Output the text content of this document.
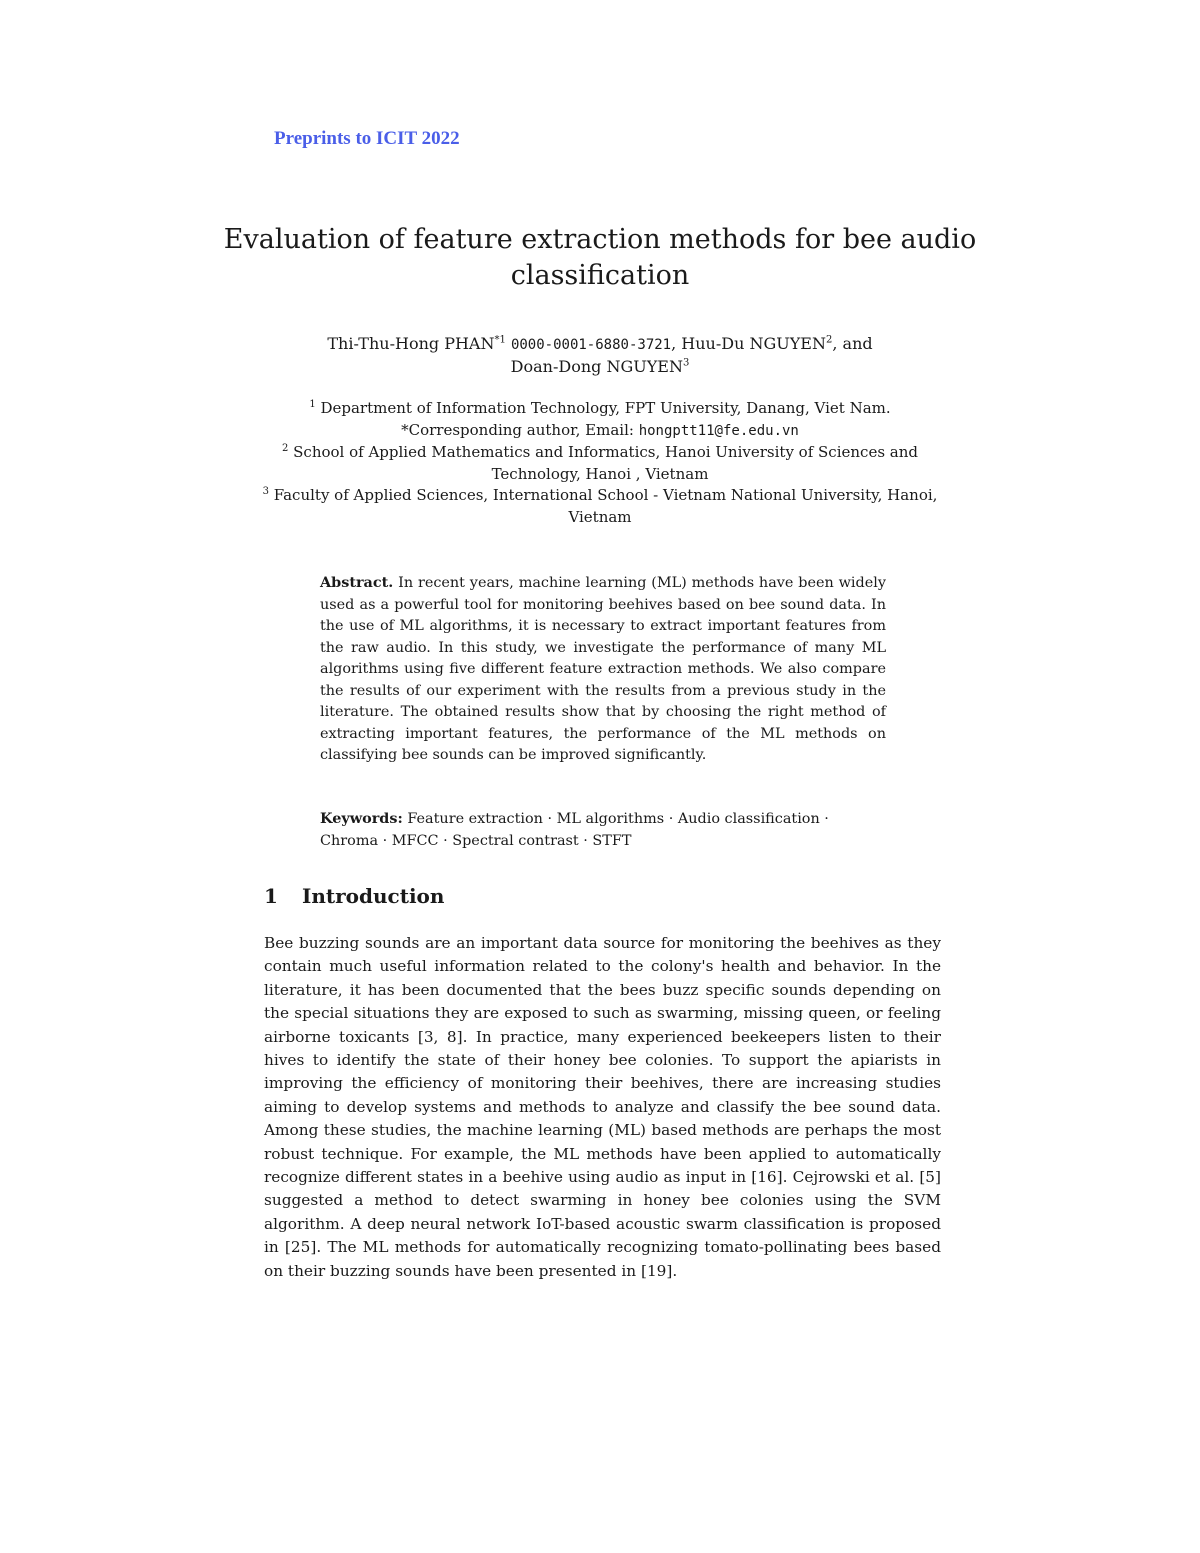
Preprints to ICIT 2022
Evaluation of feature extraction methods for bee audio classification
Thi-Thu-Hong PHAN$^{*1}$ 0000-0001-6880-3721, Huu-Du NGUYEN$^2$, and
Doan-Dong NGUYEN$^3$
$^1$ Department of Information Technology, FPT University, Danang, Viet Nam.
*Corresponding author, Email: hongptt11@fe.edu.vn
$^2$ School of Applied Mathematics and Informatics, Hanoi University of Sciences and Technology, Hanoi , Vietnam
$^3$ Faculty of Applied Sciences, International School - Vietnam National University, Hanoi, Vietnam

Abstract. In recent years, machine learning (ML) methods have been widely used as a powerful tool for monitoring beehives based on bee sound data. In the use of ML algorithms, it is necessary to extract important features from the raw audio. In this study, we investigate the performance of many ML algorithms using five different feature extraction methods. We also compare the results of our experiment with the results from a previous study in the literature. The obtained results show that by choosing the right method of extracting important features, the performance of the ML methods on classifying bee sounds can be improved significantly.

Keywords: Feature extraction · ML algorithms · Audio classification · Chroma · MFCC · Spectral contrast · STFT

1 Introduction

Bee buzzing sounds are an important data source for monitoring the beehives as they contain much useful information related to the colony's health and behavior. In the literature, it has been documented that the bees buzz specific sounds depending on the special situations they are exposed to such as swarming, missing queen, or feeling airborne toxicants [3, 8]. In practice, many experienced beekeepers listen to their hives to identify the state of their honey bee colonies. To support the apiarists in improving the efficiency of monitoring their beehives, there are increasing studies aiming to develop systems and methods to analyze and classify the bee sound data. Among these studies, the machine learning (ML) based methods are perhaps the most robust technique. For example, the ML methods have been applied to automatically recognize different states in a beehive using audio as input in [16]. Cejrowski et al. [5] suggested a method to detect swarming in honey bee colonies using the SVM algorithm. A deep neural network IoT-based acoustic swarm classification is proposed in [25]. The ML methods for automatically recognizing tomato-pollinating bees based on their buzzing sounds have been presented in [19].
